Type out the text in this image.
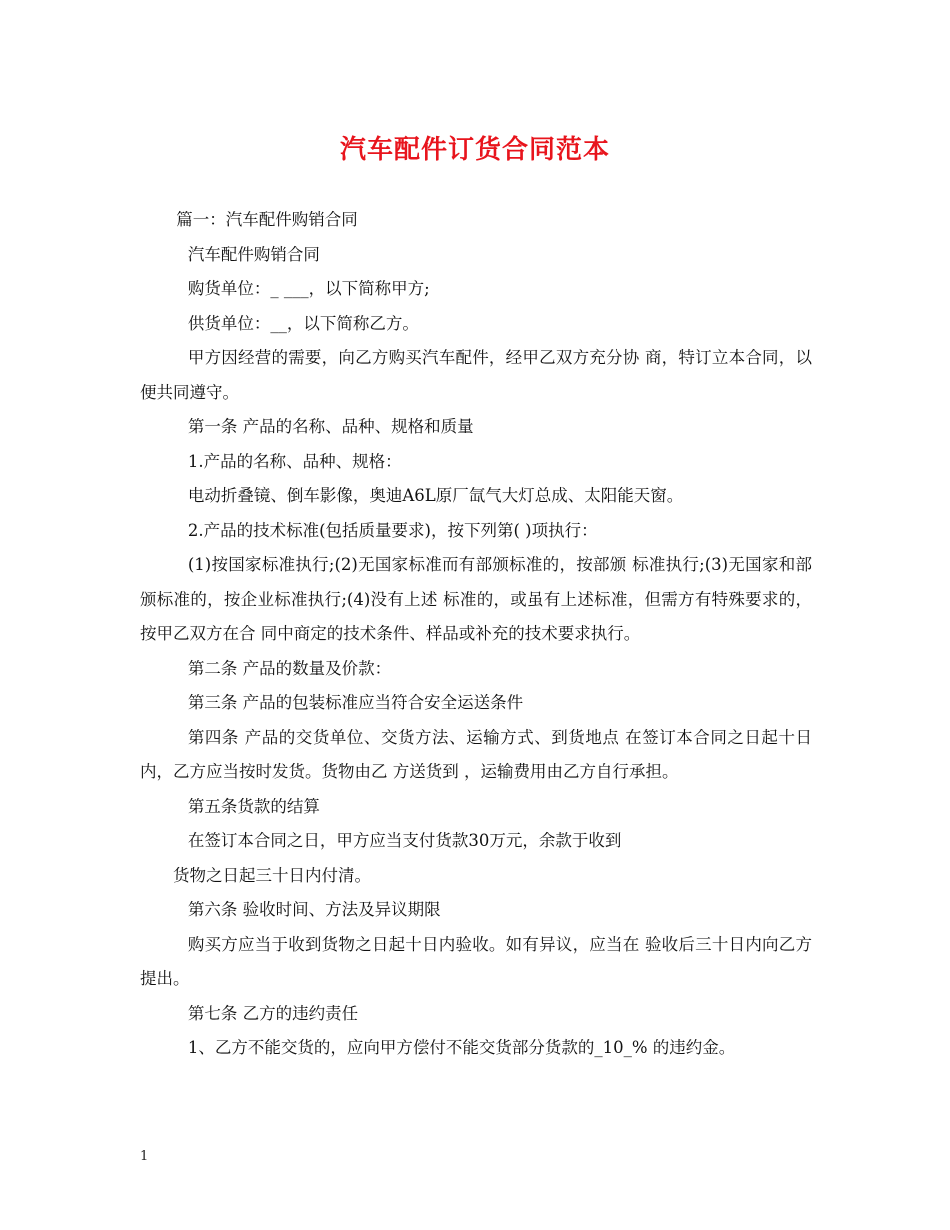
汽车配件订货合同范本

篇一：汽车配件购销合同

汽车配件购销合同

购货单位：_ ___，以下简称甲方;

供货单位：__，以下简称乙方。

甲方因经营的需要，向乙方购买汽车配件，经甲乙双方充分协 商，特订立本合同，以便共同遵守。

第一条 产品的名称、品种、规格和质量

1.产品的名称、品种、规格：

电动折叠镜、倒车影像，奥迪A6L原厂氙气大灯总成、太阳能天窗。

2.产品的技术标准(包括质量要求)，按下列第( )项执行：

(1)按国家标准执行;(2)无国家标准而有部颁标准的，按部颁 标准执行;(3)无国家和部颁标准的，按企业标准执行;(4)没有上述 标准的，或虽有上述标准，但需方有特殊要求的，按甲乙双方在合 同中商定的技术条件、样品或补充的技术要求执行。

第二条 产品的数量及价款：

第三条 产品的包装标准应当符合安全运送条件

第四条 产品的交货单位、交货方法、运输方式、到货地点 在签订本合同之日起十日内，乙方应当按时发货。货物由乙 方送货到 ，运输费用由乙方自行承担。

第五条货款的结算

在签订本合同之日，甲方应当支付货款30万元，余款于收到

货物之日起三十日内付清。

第六条 验收时间、方法及异议期限

购买方应当于收到货物之日起十日内验收。如有异议，应当在 验收后三十日内向乙方提出。

第七条 乙方的违约责任

1、乙方不能交货的，应向甲方偿付不能交货部分货款的_10_% 的违约金。

1
